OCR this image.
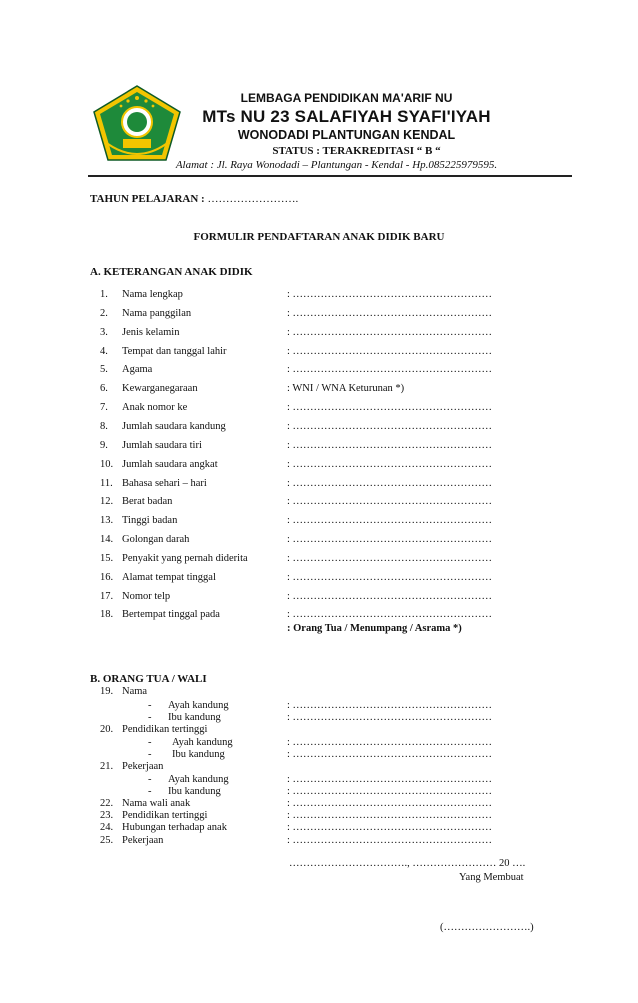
LEMBAGA PENDIDIKAN MA'ARIF NU
MTs NU 23 SALAFIYAH SYAFI'IYAH
WONODADI PLANTUNGAN KENDAL
STATUS : TERAKREDITASI “ B “
Alamat : Jl. Raya Wonodadi – Plantungan - Kendal - Hp.085225979595.
TAHUN PELAJARAN : …………………….
FORMULIR PENDAFTARAN ANAK DIDIK BARU
A. KETERANGAN ANAK DIDIK
1. Nama lengkap	: …………………………………………………
2. Nama panggilan	: …………………………………………………
3. Jenis kelamin	: …………………………………………………
4. Tempat dan tanggal lahir	: …………………………………………………
5. Agama	: …………………………………………………
6. Kewarganegaraan	: WNI / WNA Keturunan *)
7. Anak nomor ke	: …………………………………………………
8. Jumlah saudara kandung	: …………………………………………………
9. Jumlah saudara tiri	: …………………………………………………
10. Jumlah saudara angkat	: …………………………………………………
11. Bahasa sehari – hari	: …………………………………………………
12. Berat badan	: …………………………………………………
13. Tinggi badan	: …………………………………………………
14. Golongan darah	: …………………………………………………
15. Penyakit yang pernah diderita	: …………………………………………………
16. Alamat tempat tinggal	: …………………………………………………
17. Nomor telp	: …………………………………………………
18. Bertempat tinggal pada	: …………………………………………………
: Orang Tua / Menumpang / Asrama *)
B. ORANG TUA / WALI
19. Nama
- Ayah kandung	: …………………………………………………
- Ibu kandung	: …………………………………………………
20. Pendidikan tertinggi
- Ayah kandung	: …………………………………………………
- Ibu kandung	: …………………………………………………
21. Pekerjaan
- Ayah kandung	: …………………………………………………
- Ibu kandung	: …………………………………………………
22. Nama wali anak	: …………………………………………………
23. Pendidikan tertinggi	: …………………………………………………
24. Hubungan terhadap anak	: …………………………………………………
25. Pekerjaan	: …………………………………………………
……………………………., …………………… 20 ….
Yang Membuat
(…………………….)
